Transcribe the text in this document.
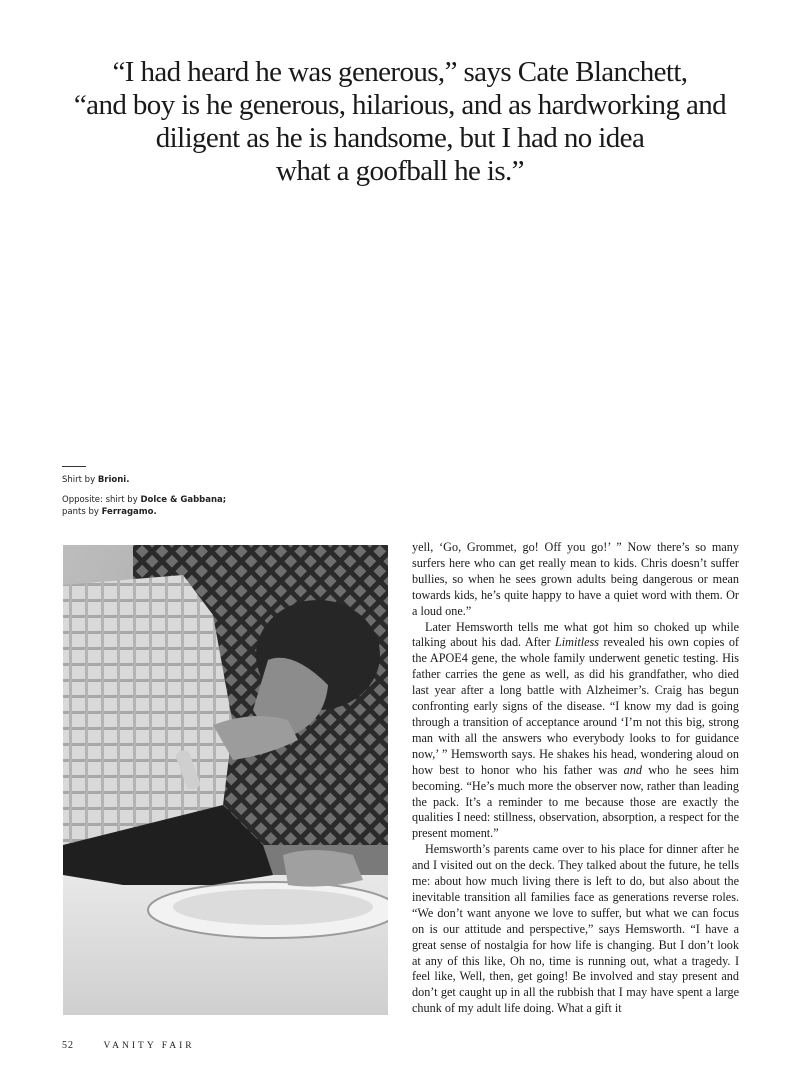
“I had heard he was generous,” says Cate Blanchett,
“and boy is he generous, hilarious, and as hardworking and
diligent as he is handsome, but I had no idea
what a goofball he is.”

Shirt by Brioni.

Opposite: shirt by Dolce & Gabbana;
pants by Ferragamo.

yell, ‘Go, Grommet, go! Off you go!’ ” Now there’s so many surfers here who can get really mean to kids. Chris doesn’t suffer bullies, so when he sees grown adults being dangerous or mean towards kids, he’s quite happy to have a quiet word with them. Or a loud one.”

Later Hemsworth tells me what got him so choked up while talking about his dad. After Limitless revealed his own copies of the APOE4 gene, the whole family underwent genetic testing. His father carries the gene as well, as did his grandfather, who died last year after a long battle with Alzheimer’s. Craig has begun confronting early signs of the disease. “I know my dad is going through a transition of acceptance around ‘I’m not this big, strong man with all the answers who everybody looks to for guidance now,’ ” Hemsworth says. He shakes his head, wondering aloud on how best to honor who his father was and who he sees him becoming. “He’s much more the observer now, rather than leading the pack. It’s a reminder to me because those are exactly the qualities I need: stillness, observation, absorption, a respect for the present moment.”

Hemsworth’s parents came over to his place for dinner after he and I visited out on the deck. They talked about the future, he tells me: about how much living there is left to do, but also about the inevitable transition all families face as generations reverse roles. “We don’t want anyone we love to suffer, but what we can focus on is our attitude and perspective,” says Hemsworth. “I have a great sense of nostalgia for how life is changing. But I don’t look at any of this like, Oh no, time is running out, what a tragedy. I feel like, Well, then, get going! Be involved and stay present and don’t get caught up in all the rubbish that I may have spent a large chunk of my adult life doing. What a gift it

52	VANITY FAIR
